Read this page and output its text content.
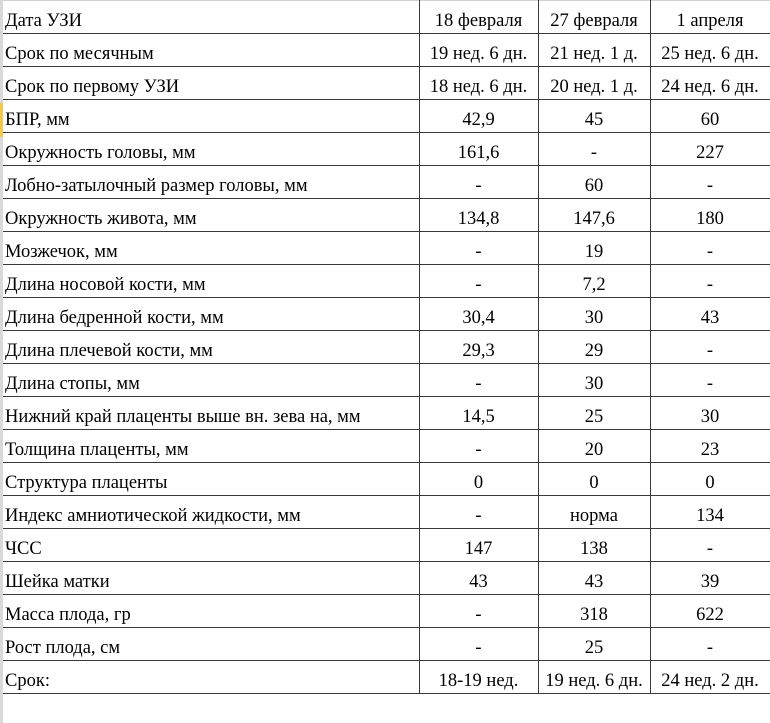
Дата УЗИ	18 февраля	27 февраля	1 апреля
Срок по месячным	19 нед. 6 дн.	21 нед. 1 д.	25 нед. 6 дн.
Срок по первому УЗИ	18 нед. 6 дн.	20 нед. 1 д.	24 нед. 6 дн.
БПР, мм	42,9	45	60
Окружность головы, мм	161,6	-	227
Лобно-затылочный размер головы, мм	-	60	-
Окружность живота, мм	134,8	147,6	180
Мозжечок, мм	-	19	-
Длина носовой кости, мм	-	7,2	-
Длина бедренной кости, мм	30,4	30	43
Длина плечевой кости, мм	29,3	29	-
Длина стопы, мм	-	30	-
Нижний край плаценты выше вн. зева на, мм	14,5	25	30
Толщина плаценты, мм	-	20	23
Структура плаценты	0	0	0
Индекс амниотической жидкости, мм	-	норма	134
ЧСС	147	138	-
Шейка матки	43	43	39
Масса плода, гр	-	318	622
Рост плода, см	-	25	-
Срок:	18-19 нед.	19 нед. 6 дн.	24 нед. 2 дн.
